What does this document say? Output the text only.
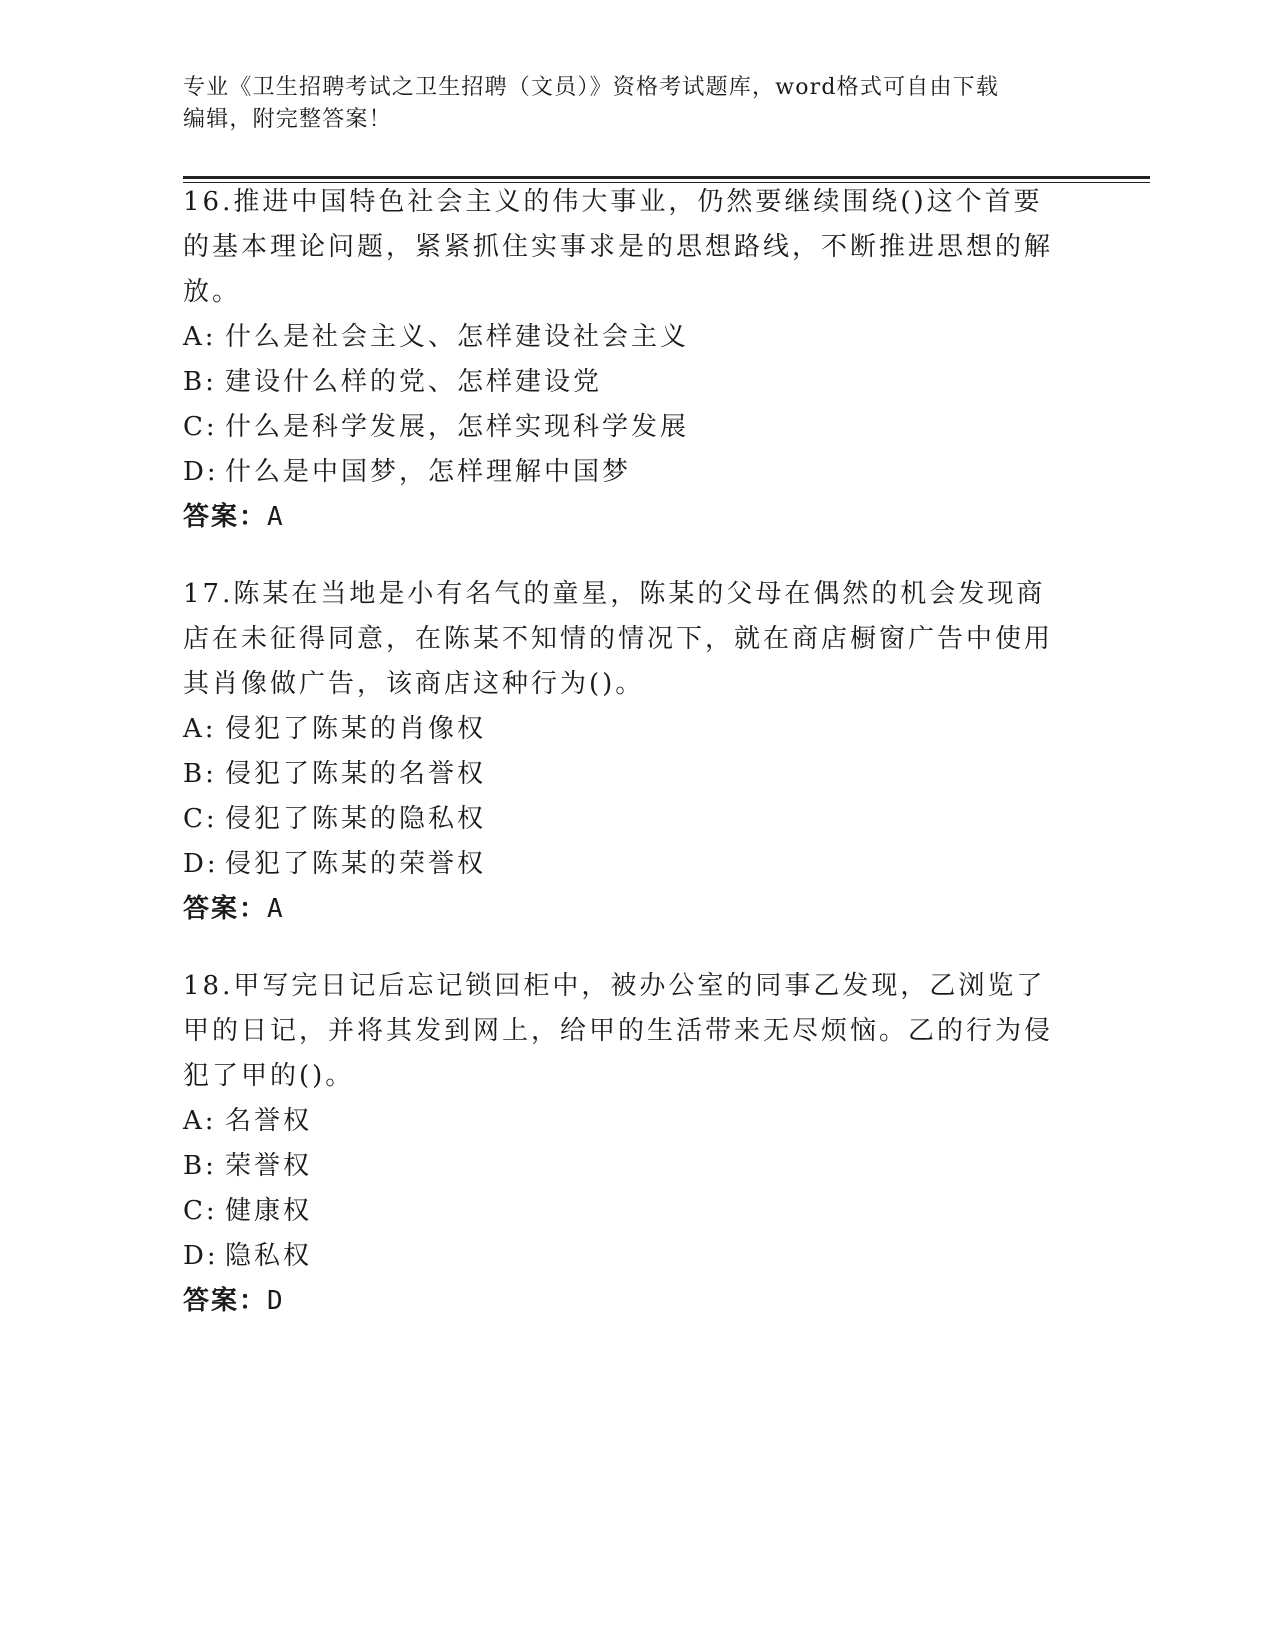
专业《卫生招聘考试之卫生招聘（文员）》资格考试题库，word格式可自由下载
编辑，附完整答案！

16.推进中国特色社会主义的伟大事业，仍然要继续围绕()这个首要的基本理论问题，紧紧抓住实事求是的思想路线，不断推进思想的解放。

A: 什么是社会主义、怎样建设社会主义
B: 建设什么样的党、怎样建设党
C: 什么是科学发展，怎样实现科学发展
D: 什么是中国梦，怎样理解中国梦
答案：A

17.陈某在当地是小有名气的童星，陈某的父母在偶然的机会发现商店在未征得同意，在陈某不知情的情况下，就在商店橱窗广告中使用其肖像做广告，该商店这种行为()。

A: 侵犯了陈某的肖像权
B: 侵犯了陈某的名誉权
C: 侵犯了陈某的隐私权
D: 侵犯了陈某的荣誉权
答案：A

18.甲写完日记后忘记锁回柜中，被办公室的同事乙发现，乙浏览了甲的日记，并将其发到网上，给甲的生活带来无尽烦恼。乙的行为侵犯了甲的()。

A: 名誉权
B: 荣誉权
C: 健康权
D: 隐私权
答案：D
